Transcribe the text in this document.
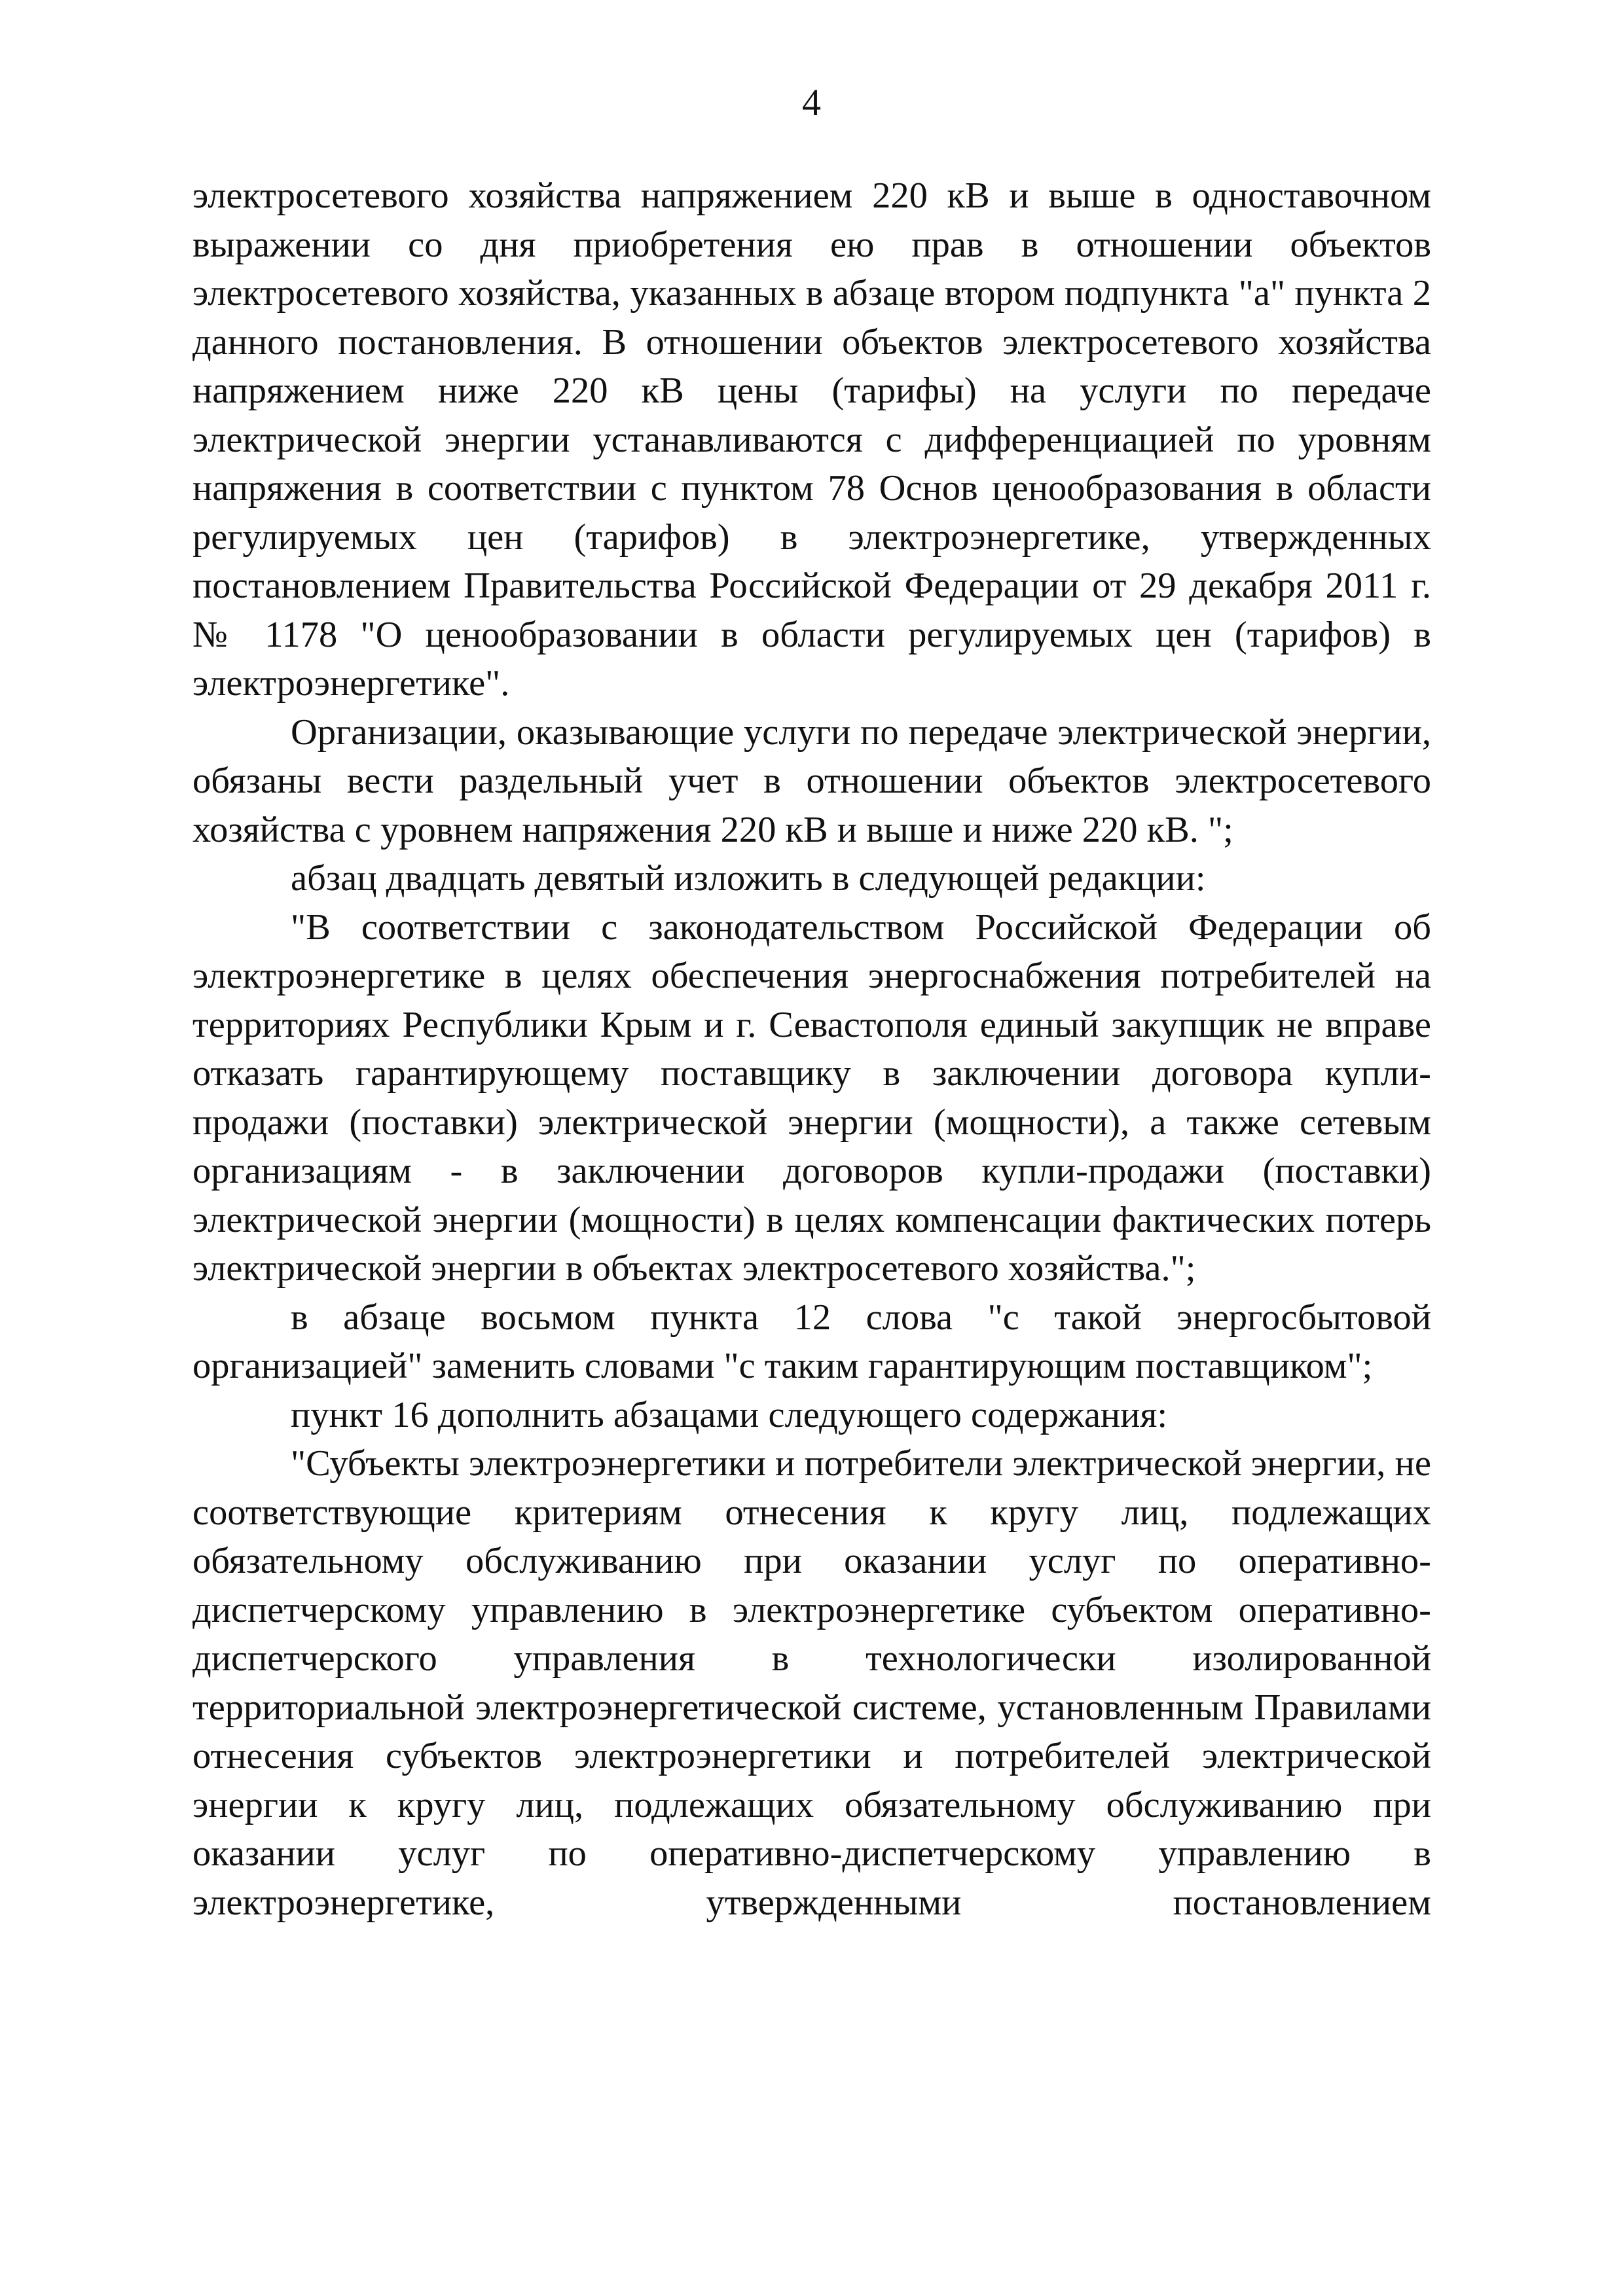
4

электросетевого хозяйства напряжением 220 кВ и выше в одноставочном выражении со дня приобретения ею прав в отношении объектов электросетевого хозяйства, указанных в абзаце втором подпункта "а" пункта 2 данного постановления. В отношении объектов электросетевого хозяйства напряжением ниже 220 кВ цены (тарифы) на услуги по передаче электрической энергии устанавливаются с дифференциацией по уровням напряжения в соответствии с пунктом 78 Основ ценообразования в области регулируемых цен (тарифов) в электроэнергетике, утвержденных постановлением Правительства Российской Федерации от 29 декабря 2011 г. № 1178 "О ценообразовании в области регулируемых цен (тарифов) в электроэнергетике".

Организации, оказывающие услуги по передаче электрической энергии, обязаны вести раздельный учет в отношении объектов электросетевого хозяйства с уровнем напряжения 220 кВ и выше и ниже 220 кВ. ";

абзац двадцать девятый изложить в следующей редакции:

"В соответствии с законодательством Российской Федерации об электроэнергетике в целях обеспечения энергоснабжения потребителей на территориях Республики Крым и г. Севастополя единый закупщик не вправе отказать гарантирующему поставщику в заключении договора купли-продажи (поставки) электрической энергии (мощности), а также сетевым организациям - в заключении договоров купли-продажи (поставки) электрической энергии (мощности) в целях компенсации фактических потерь электрической энергии в объектах электросетевого хозяйства.";

в абзаце восьмом пункта 12 слова "с такой энергосбытовой организацией" заменить словами "с таким гарантирующим поставщиком";

пункт 16 дополнить абзацами следующего содержания:

"Субъекты электроэнергетики и потребители электрической энергии, не соответствующие критериям отнесения к кругу лиц, подлежащих обязательному обслуживанию при оказании услуг по оперативно-диспетчерскому управлению в электроэнергетике субъектом оперативно-диспетчерского управления в технологически изолированной территориальной электроэнергетической системе, установленным Правилами отнесения субъектов электроэнергетики и потребителей электрической энергии к кругу лиц, подлежащих обязательному обслуживанию при оказании услуг по оперативно-диспетчерскому управлению в электроэнергетике, утвержденными постановлением
